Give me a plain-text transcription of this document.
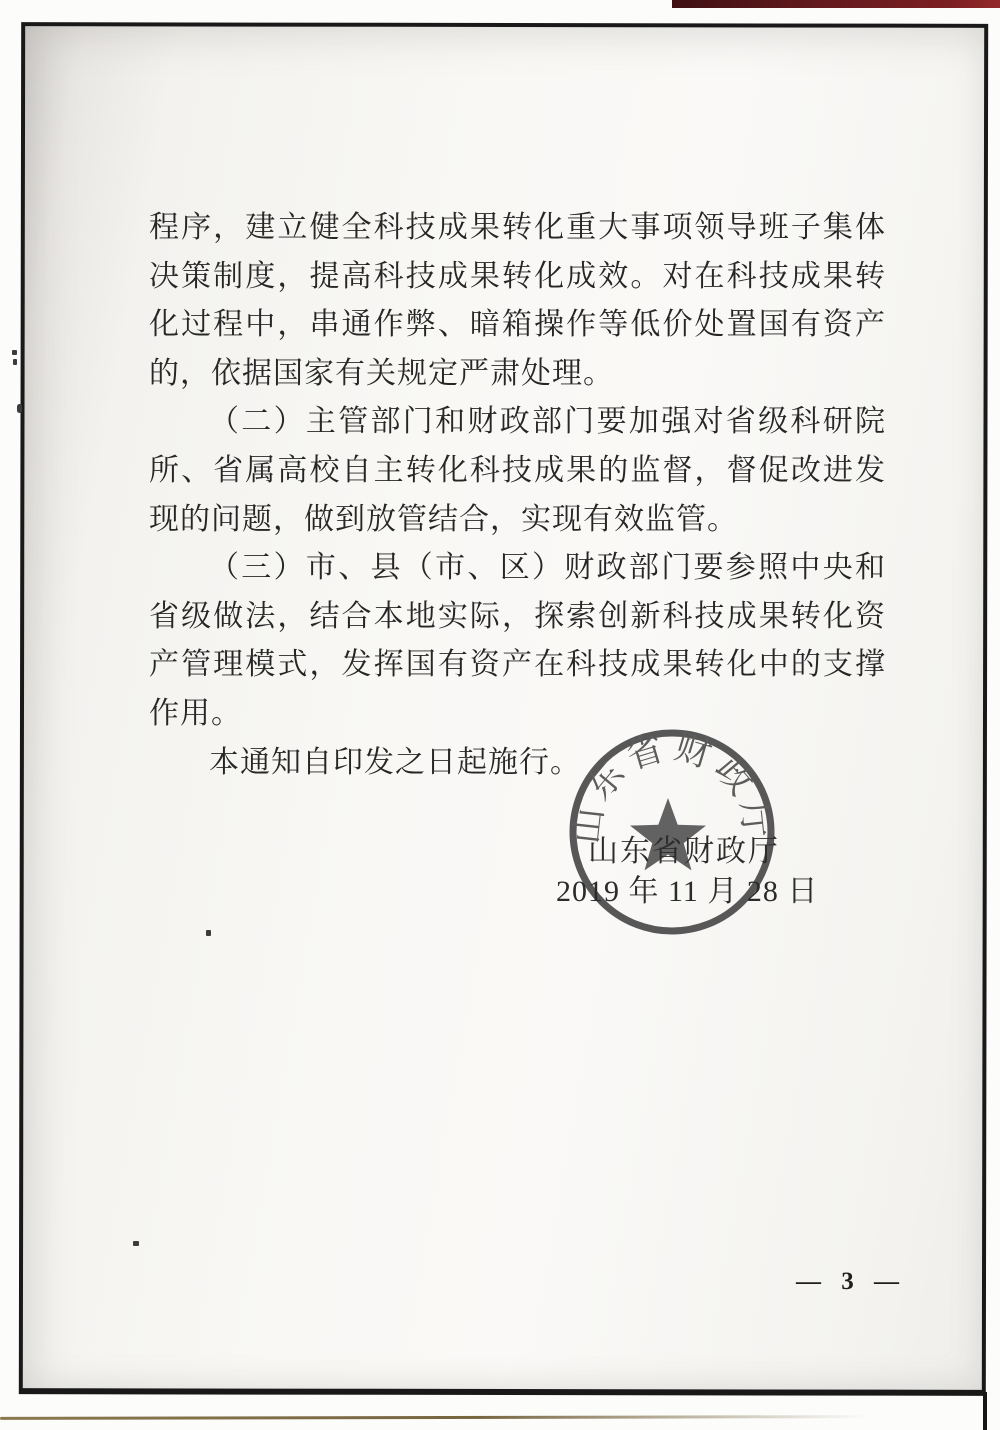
程序，建立健全科技成果转化重大事项领导班子集体决策制度，提高科技成果转化成效。对在科技成果转化过程中，串通作弊、暗箱操作等低价处置国有资产的，依据国家有关规定严肃处理。

（二）主管部门和财政部门要加强对省级科研院所、省属高校自主转化科技成果的监督，督促改进发现的问题，做到放管结合，实现有效监管。

（三）市、县（市、区）财政部门要参照中央和省级做法，结合本地实际，探索创新科技成果转化资产管理模式，发挥国有资产在科技成果转化中的支撑作用。

本通知自印发之日起施行。

山东省财政厅
山东省财政厅
2019 年 11 月 28 日
— 3 —
